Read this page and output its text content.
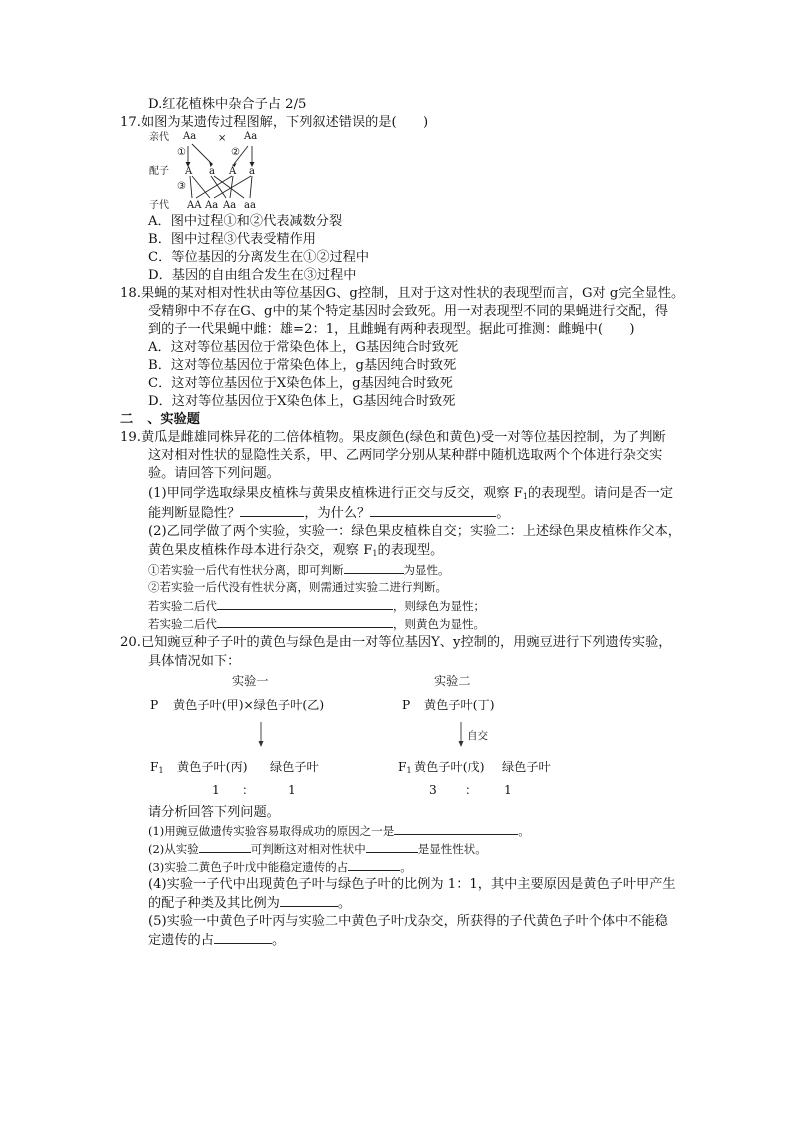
D.红花植株中杂合子占 2/5
17.如图为某遗传过程图解，下列叙述错误的是(　　)
亲代 Aa × Aa
①	②
配子 A a A a
③
子代 AA Aa Aa aa
A．图中过程①和②代表减数分裂
B．图中过程③代表受精作用
C．等位基因的分离发生在①②过程中
D．基因的自由组合发生在③过程中
18.果蝇的某对相对性状由等位基因G、g控制，且对于这对性状的表现型而言，G对 g完全显性。
受精卵中不存在G、g中的某个特定基因时会致死。用一对表现型不同的果蝇进行交配，得
到的子一代果蝇中雌：雄=2：1，且雌蝇有两种表现型。据此可推测：雌蝇中(　　)
A．这对等位基因位于常染色体上，G基因纯合时致死
B．这对等位基因位于常染色体上，g基因纯合时致死
C．这对等位基因位于X染色体上，g基因纯合时致死
D．这对等位基因位于X染色体上，G基因纯合时致死
二 、实验题
19.黄瓜是雌雄同株异花的二倍体植物。果皮颜色(绿色和黄色)受一对等位基因控制，为了判断
这对相对性状的显隐性关系，甲、乙两同学分别从某种群中随机选取两个个体进行杂交实
验。请回答下列问题。
(1)甲同学选取绿果皮植株与黄果皮植株进行正交与反交，观察 $F_1$的表现型。请问是否一定
能判断显隐性？	，为什么？	。
(2)乙同学做了两个实验，实验一：绿色果皮植株自交；实验二：上述绿色果皮植株作父本，
黄色果皮植株作母本进行杂交，观察 $F_1$的表现型。
①若实验一后代有性状分离，即可判断	为显性。
②若实验一后代没有性状分离，则需通过实验二进行判断。
若实验二后代	，则绿色为显性；
若实验二后代	，则黄色为显性。
20.已知豌豆种子子叶的黄色与绿色是由一对等位基因Y、y控制的，用豌豆进行下列遗传实验，
具体情况如下：
实验一
P 黄色子叶(甲)×绿色子叶(乙)
$F_1$ 黄色子叶(丙) 绿色子叶
1 ：	1
实验二
P 黄色子叶(丁)
自交
$F_1$ 黄色子叶(戊) 绿色子叶
3 ： 1
请分析回答下列问题。
(1)用豌豆做遗传实验容易取得成功的原因之一是	。
(2)从实验	可判断这对相对性状中	是显性性状。
(3)实验二黄色子叶戊中能稳定遗传的占	。
(4)实验一子代中出现黄色子叶与绿色子叶的比例为 1：1，其中主要原因是黄色子叶甲产生
的配子种类及其比例为	。
(5)实验一中黄色子叶丙与实验二中黄色子叶戊杂交，所获得的子代黄色子叶个体中不能稳
定遗传的占	。
